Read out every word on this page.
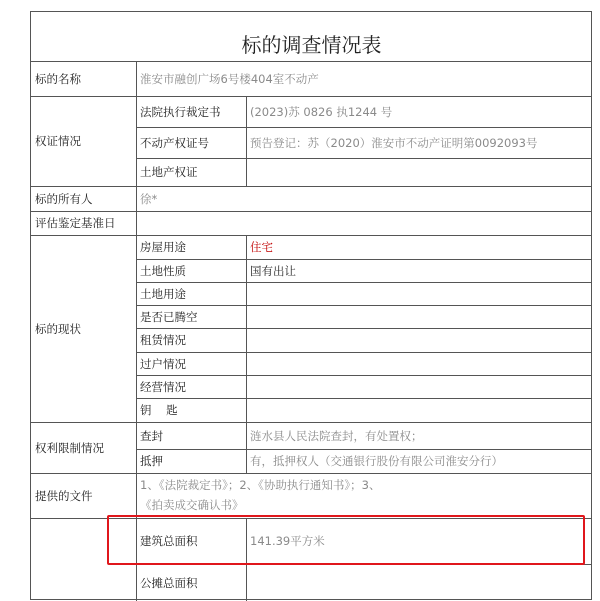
标的调查情况表
标的名称	淮安市融创广场6号楼404室不动产
权证情况
法院执行裁定书	(2023)苏 0826 执1244 号
不动产权证号	预告登记：苏（2020）淮安市不动产证明第0092093号
土地产权证
标的所有人	徐*
评估鉴定基准日
标的现状
房屋用途	住宅
土地性质	国有出让
土地用途
是否已腾空
租赁情况
过户情况
经营情况
钥    匙
权利限制情况
查封	涟水县人民法院查封，有处置权；
抵押	有，抵押权人（交通银行股份有限公司淮安分行）
提供的文件
1、《法院裁定书》；2、《协助执行通知书》；3、《拍卖成交确认书》
建筑总面积	141.39平方米
公摊总面积
